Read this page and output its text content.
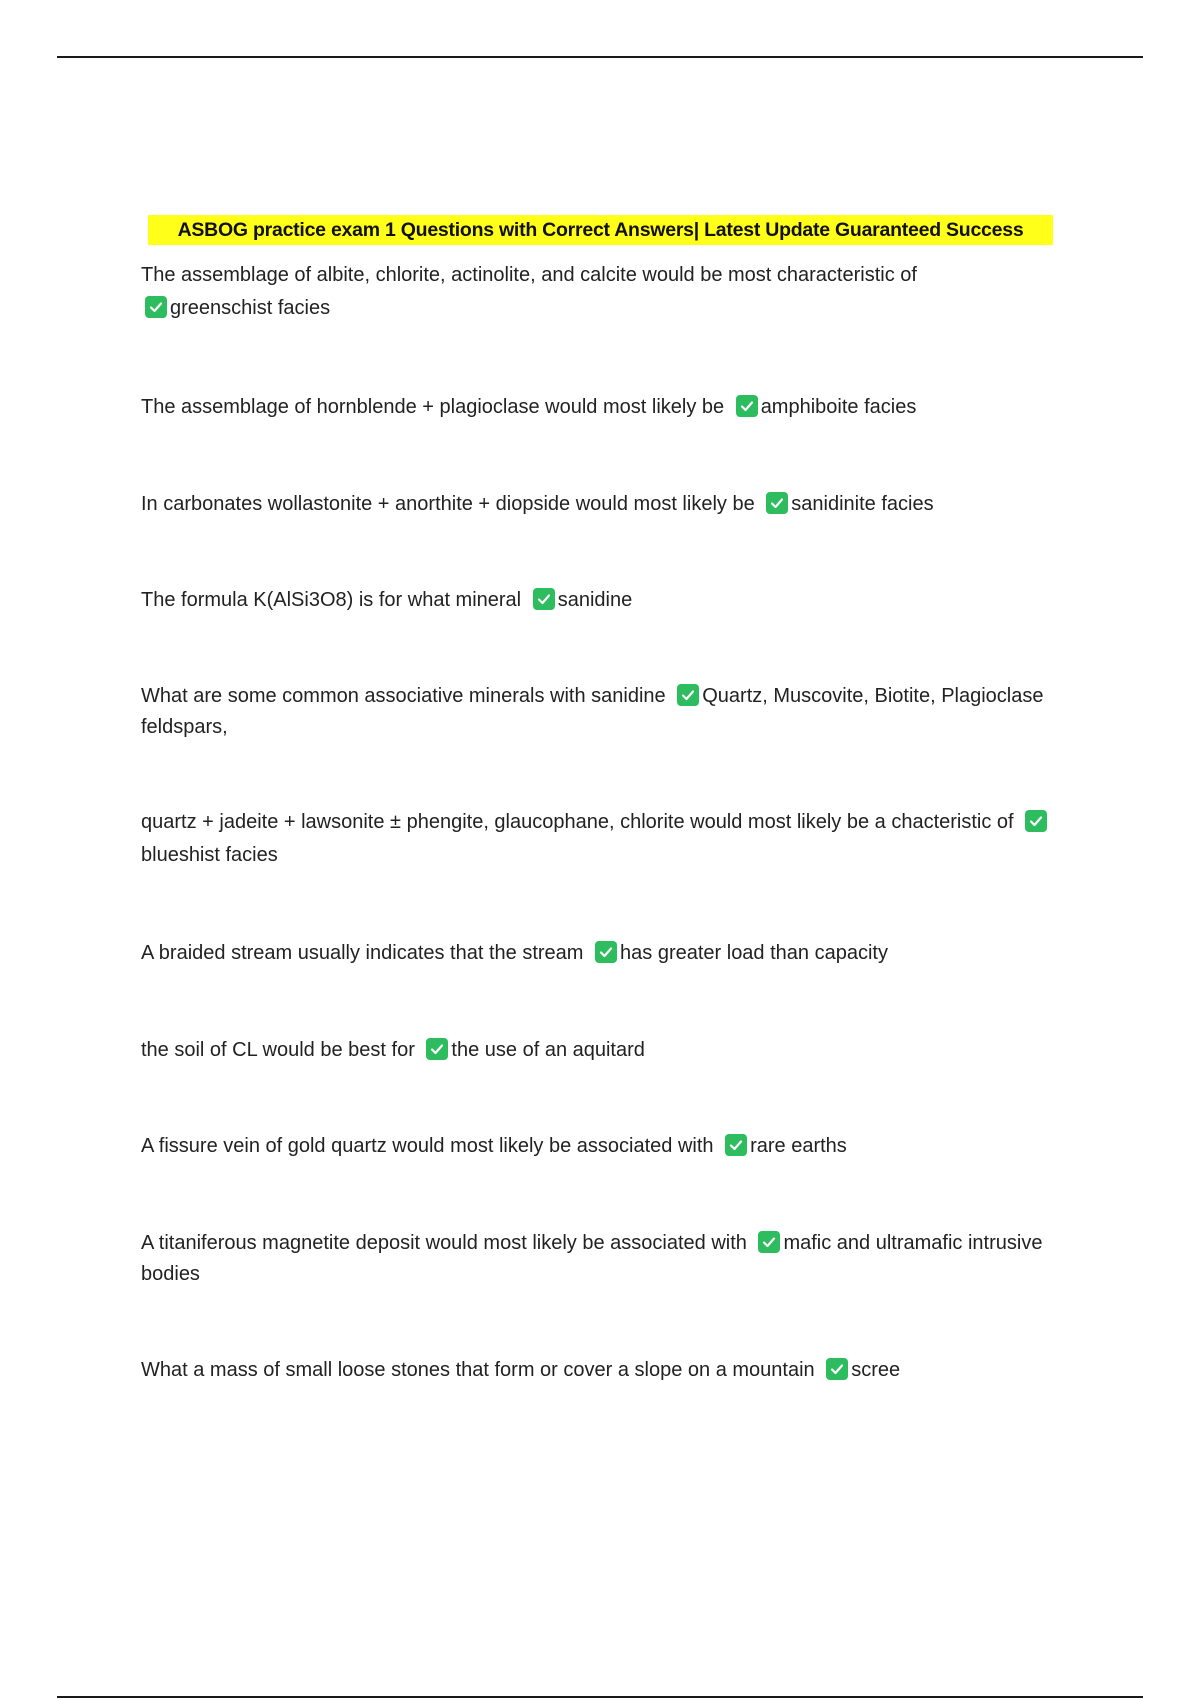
ASBOG practice exam 1 Questions with Correct Answers| Latest Update Guaranteed Success
The assemblage of albite, chlorite, actinolite, and calcite would be most characteristic of

greenschist facies
The assemblage of hornblende + plagioclase would most likely be amphiboite facies
In carbonates wollastonite + anorthite + diopside would most likely be sanidinite facies
The formula K(AlSi3O8) is for what mineral sanidine
What are some common associative minerals with sanidine Quartz, Muscovite, Biotite, Plagioclase feldspars,
quartz + jadeite + lawsonite ± phengite, glaucophane, chlorite would most likely be a chacteristic of
blueshist facies
A braided stream usually indicates that the stream has greater load than capacity
the soil of CL would be best for the use of an aquitard
A fissure vein of gold quartz would most likely be associated with rare earths
A titaniferous magnetite deposit would most likely be associated with mafic and ultramafic intrusive bodies
What a mass of small loose stones that form or cover a slope on a mountain scree
